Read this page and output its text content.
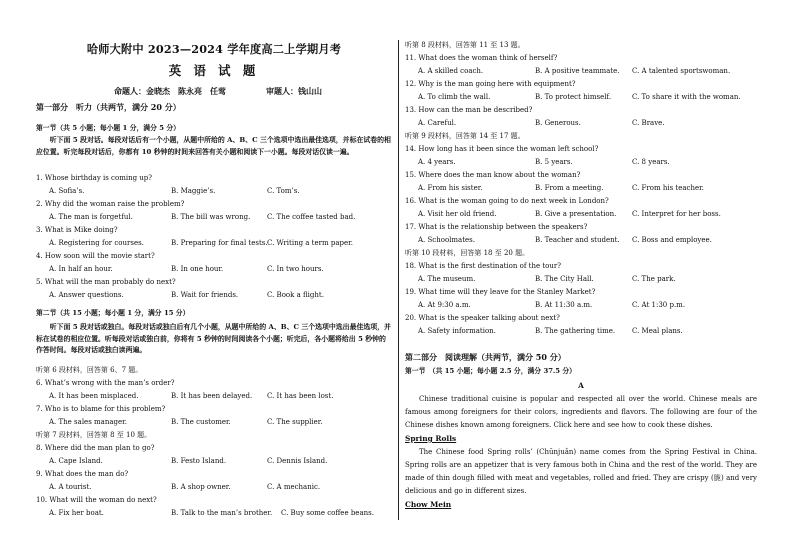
哈师大附中 2023—2024 学年度高二上学期月考
英 语 试 题
命题人：金晓杰　陈永亮　任莺	审题人：钱山山
第一部分　听力（共两节，满分 20 分）
第一节（共 5 小题；每小题 1 分，满分 5 分）
听下面 5 段对话。每段对话后有一个小题，从题中所给的 A、B、C 三个选项中选出最佳选项，并标在试卷的相应位置。听完每段对话后，你都有 10 秒钟的时间来回答有关小题和阅读下一小题。每段对话仅读一遍。
1. Whose birthday is coming up?
A. Sofia’s.	B. Maggie’s.	C. Tom’s.
2. Why did the woman raise the problem?
A. The man is forgetful.	B. The bill was wrong. C. The coffee tasted bad.
3. What is Mike doing?
A. Registering for courses.	B. Preparing for final tests. C. Writing a term paper.
4. How soon will the movie start?
A. In half an hour.	B. In one hour.	C. In two hours.
5. What will the man probably do next?
A. Answer questions.	B. Wait for friends.	C. Book a flight.
第二节（共 15 小题；每小题 1 分，满分 15 分）
听下面 5 段对话或独白。每段对话或独白后有几个小题，从题中所给的 A、B、C 三个选项中选出最佳选项，并标在试卷的相应位置。听每段对话或独白前，你将有 5 秒钟的时间阅读各个小题；听完后，各小题将给出 5 秒钟的作答时间。每段对话或独白读两遍。
听第 6 段材料，回答第 6、7 题。
6. What’s wrong with the man’s order?
A. It has been misplaced.	B. It has been delayed. C. It has been lost.
7. Who is to blame for this problem?
A. The sales manager.	B. The customer.	C. The supplier.
听第 7 段材料，回答第 8 至 10 题。
8. Where did the man plan to go?
A. Cape Island.	B. Festo Island.	C. Dennis Island.
9. What does the man do?
A. A tourist.	B. A shop owner.	C. A mechanic.
10. What will the woman do next?
A. Fix her boat.	B. Talk to the man’s brother. C. Buy some coffee beans.
听第 8 段材料，回答第 11 至 13 题。
11. What does the woman think of herself?
A. A skilled coach.	B. A positive teammate. C. A talented sportswoman.
12. Why is the man going here with equipment?
A. To climb the wall.	B. To protect himself.	C. To share it with the woman.
13. How can the man be described?
A. Careful.	B. Generous.	C. Brave.
听第 9 段材料，回答第 14 至 17 题。
14. How long has it been since the woman left school?
A. 4 years.	B. 5 years.	C. 8 years.
15. Where does the man know about the woman?
A. From his sister.	B. From a meeting.	C. From his teacher.
16. What is the woman going to do next week in London?
A. Visit her old friend.	B. Give a presentation. C. Interpret for her boss.
17. What is the relationship between the speakers?
A. Schoolmates.	B. Teacher and student. C. Boss and employee.
听第 10 段材料，回答第 18 至 20 题。
18. What is the first destination of the tour?
A. The museum.	B. The City Hall.	C. The park.
19. What time will they leave for the Stanley Market?
A. At 9:30 a.m.	B. At 11:30 a.m.	C. At 1:30 p.m.
20. What is the speaker talking about next?
A. Safety information.	B. The gathering time. C. Meal plans.
第二部分　阅读理解（共两节，满分 50 分）
第一节　（共 15 小题；每小题 2.5 分，满分 37.5 分）
A
Chinese traditional cuisine is popular and respected all over the world. Chinese meals are famous among foreigners for their colors, ingredients and flavors. The following are four of the Chinese dishes known among foreigners. Click here and see how to cook these dishes.
Spring Rolls
The Chinese food Spring rolls’ (Chūnjuǎn) name comes from the Spring Festival in China. Spring rolls are an appetizer that is very famous both in China and the rest of the world. They are made of thin dough filled with meat and vegetables, rolled and fried. They are crispy (脆) and very delicious and go in different sizes.
Chow Mein
